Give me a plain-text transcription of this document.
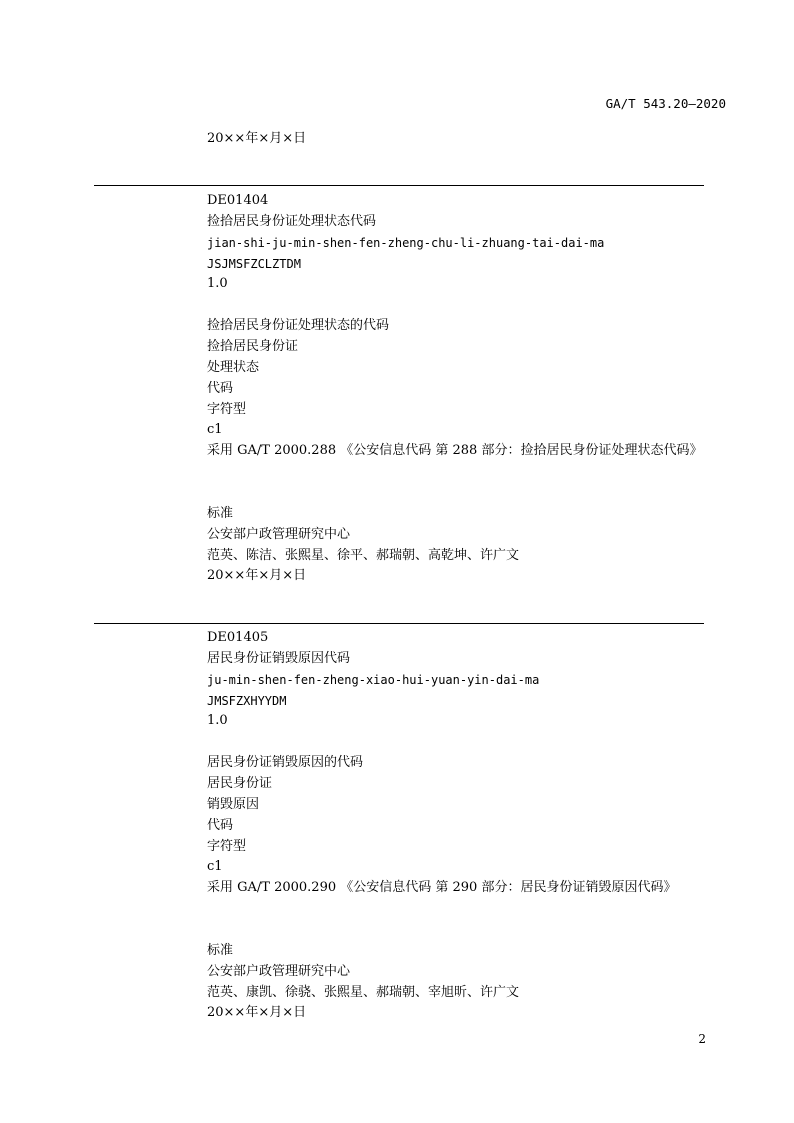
GA/T 543.20—2020
20××年×月×日
DE01404
捡拾居民身份证处理状态代码
jian-shi-ju-min-shen-fen-zheng-chu-li-zhuang-tai-dai-ma
JSJMSFZCLZTDM
1.0
捡拾居民身份证处理状态的代码
捡拾居民身份证
处理状态
代码
字符型
c1
采用 GA/T 2000.288 《公安信息代码 第 288 部分：捡拾居民身份证处理状态代码》
标准
公安部户政管理研究中心
范英、陈洁、张熙星、徐平、郝瑞朝、高乾坤、许广文
20××年×月×日
DE01405
居民身份证销毁原因代码
ju-min-shen-fen-zheng-xiao-hui-yuan-yin-dai-ma
JMSFZXHYYDM
1.0
居民身份证销毁原因的代码
居民身份证
销毁原因
代码
字符型
c1
采用 GA/T 2000.290 《公安信息代码 第 290 部分：居民身份证销毁原因代码》
标准
公安部户政管理研究中心
范英、康凯、徐骁、张熙星、郝瑞朝、宰旭昕、许广文
20××年×月×日
2
